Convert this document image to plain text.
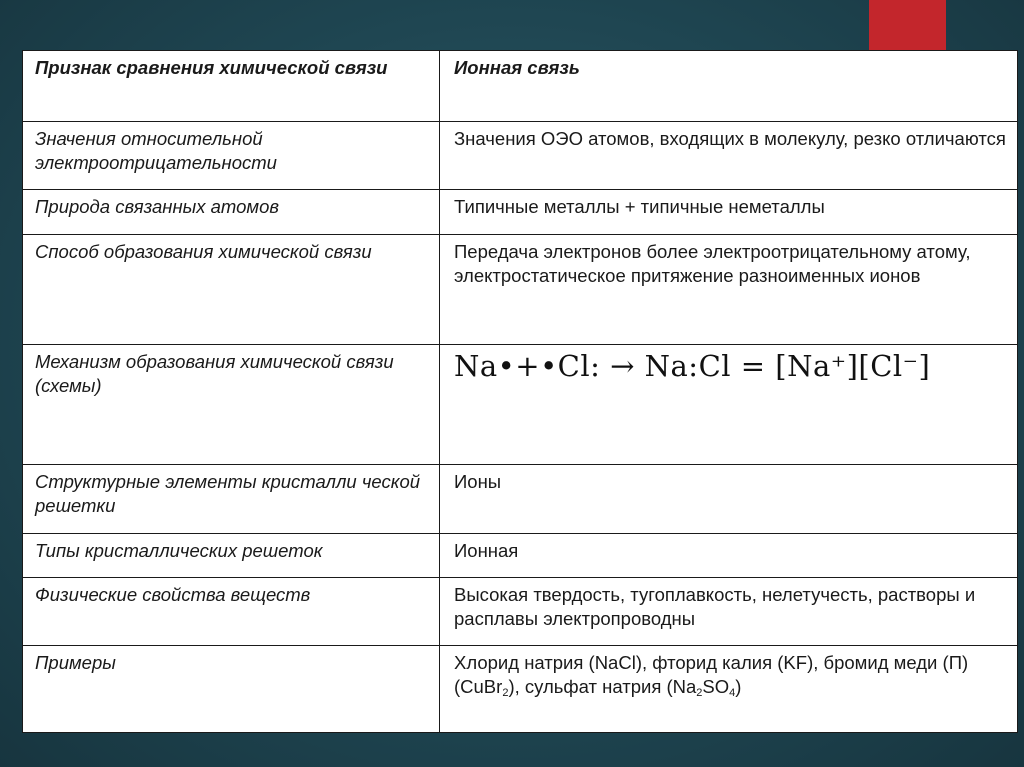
Признак сравнения химической связи	Ионная связь
Значения относительной электроотрицательности	Значения ОЭО атомов, входящих в молекулу, резко отличаются
Природа связанных атомов	Типичные металлы + типичные неметаллы
Способ образования химической связи	Передача электронов более электроотрицательному атому, электростатическое притяжение разноименных ионов
Механизм образования химической связи (схемы)	Na•+•Cl: → Na:Cl = [Na⁺][Cl⁻]

Структурные элементы кристалли ческой решетки	Ионы
Типы кристаллических решеток	Ионная
Физические свойства веществ	Высокая твердость, тугоплавкость, нелетучесть, растворы и расплавы электропроводны
Примеры	Хлорид натрия (NaCl), фторид калия (KF), бромид меди (П) (CuBr$_2$), сульфат натрия $(Na_2SO_4)$
